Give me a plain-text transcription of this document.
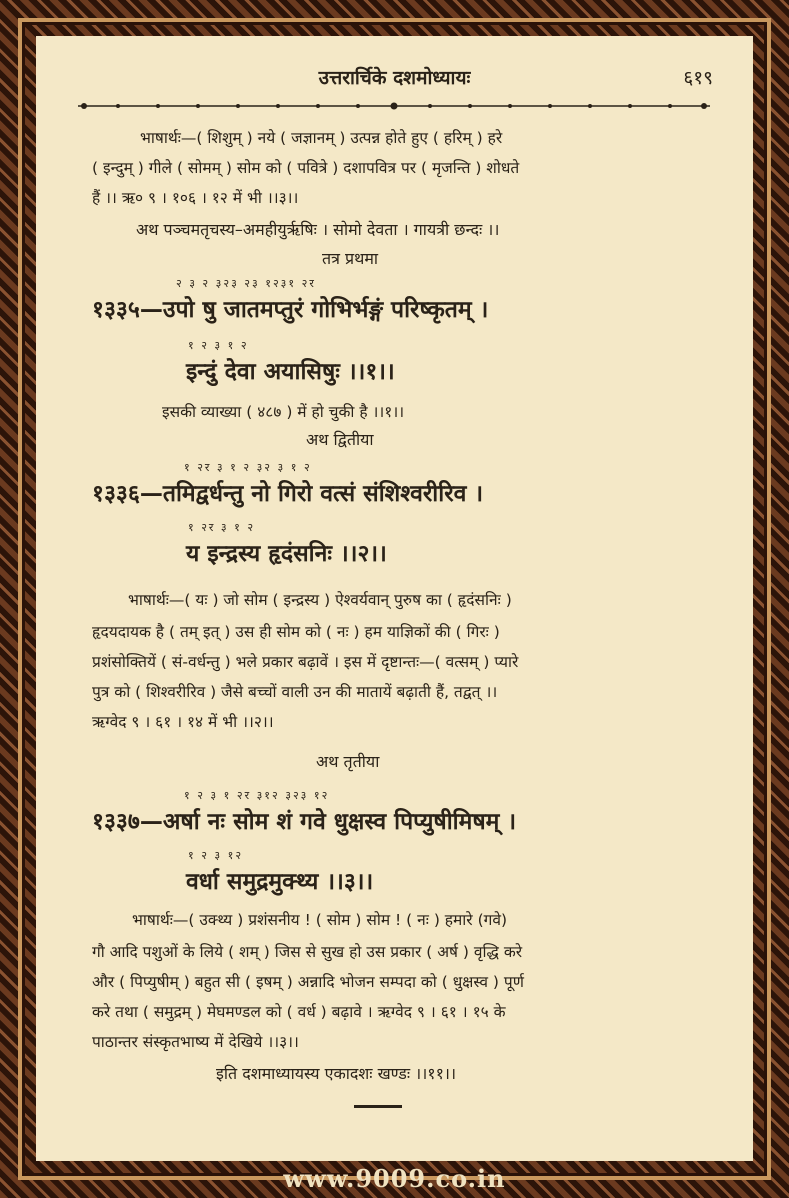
उत्तरार्चिके दशमोध्यायः	६१९
भाषार्थः—( शिशुम् ) नये ( जज्ञानम् ) उत्पन्न होते हुए ( हरिम् ) हरे
( इन्दुम् ) गीले ( सोमम् ) सोम को ( पवित्रे ) दशापवित्र पर ( मृजन्ति ) शोधते
हैं ।। ऋ० ९ । १०६ । १२ में भी ।।३।।
अथ पञ्चमतृचस्य–अमहीयुर्ऋषिः । सोमो देवता । गायत्री छन्दः ।।
तत्र प्रथमा
२ ३ २ ३२३ २३ १२३१ २र
१३३५—उपो षु जातमप्तुरं गोभिर्भङ्गं परिष्कृतम् ।
१ २ ३ १ २
इन्दुं देवा अयासिषुः ।।१।।
इसकी व्याख्या ( ४८७ ) में हो चुकी है ।।१।।
अथ द्वितीया
१ २र ३ १ २ ३२ ३ १ २
१३३६—तमिद्वर्धन्तु नो गिरो वत्सं संशिश्वरीरिव ।
१ २र ३ १ २
य इन्द्रस्य हृदंसनिः ।।२।।
भाषार्थः—( यः ) जो सोम ( इन्द्रस्य ) ऐश्वर्यवान् पुरुष का ( हृदंसनिः )
हृदयदायक है ( तम् इत् ) उस ही सोम को ( नः ) हम याज्ञिकों की ( गिरः )
प्रशंसोक्तियें ( सं-वर्धन्तु ) भले प्रकार बढ़ावें । इस में दृष्टान्तः—( वत्सम् ) प्यारे
पुत्र को ( शिश्वरीरिव ) जैसे बच्चों वाली उन की मातायें बढ़ाती हैं, तद्वत् ।।
ऋग्वेद ९ । ६१ । १४ में भी ।।२।।
अथ तृतीया
१ २ ३ १ २र ३१२ ३२३ १२
१३३७—अर्षा नः सोम शं गवे धुक्षस्व पिप्युषीमिषम् ।
१ २ ३ १२
वर्धा समुद्रमुक्थ्य ।।३।।
भाषार्थः—( उक्थ्य ) प्रशंसनीय ! ( सोम ) सोम ! ( नः ) हमारे (गवे)
गौ आदि पशुओं के लिये ( शम् ) जिस से सुख हो उस प्रकार ( अर्ष ) वृद्धि करे
और ( पिप्युषीम् ) बहुत सी ( इषम् ) अन्नादि भोजन सम्पदा को ( धुक्षस्व ) पूर्ण
करे तथा ( समुद्रम् ) मेघमण्डल को ( वर्ध ) बढ़ावे । ऋग्वेद ९ । ६१ । १५ के
पाठान्तर संस्कृतभाष्य में देखिये ।।३।।
इति दशमाध्यायस्य एकादशः खण्डः ।।११।।
www.9009.co.in
